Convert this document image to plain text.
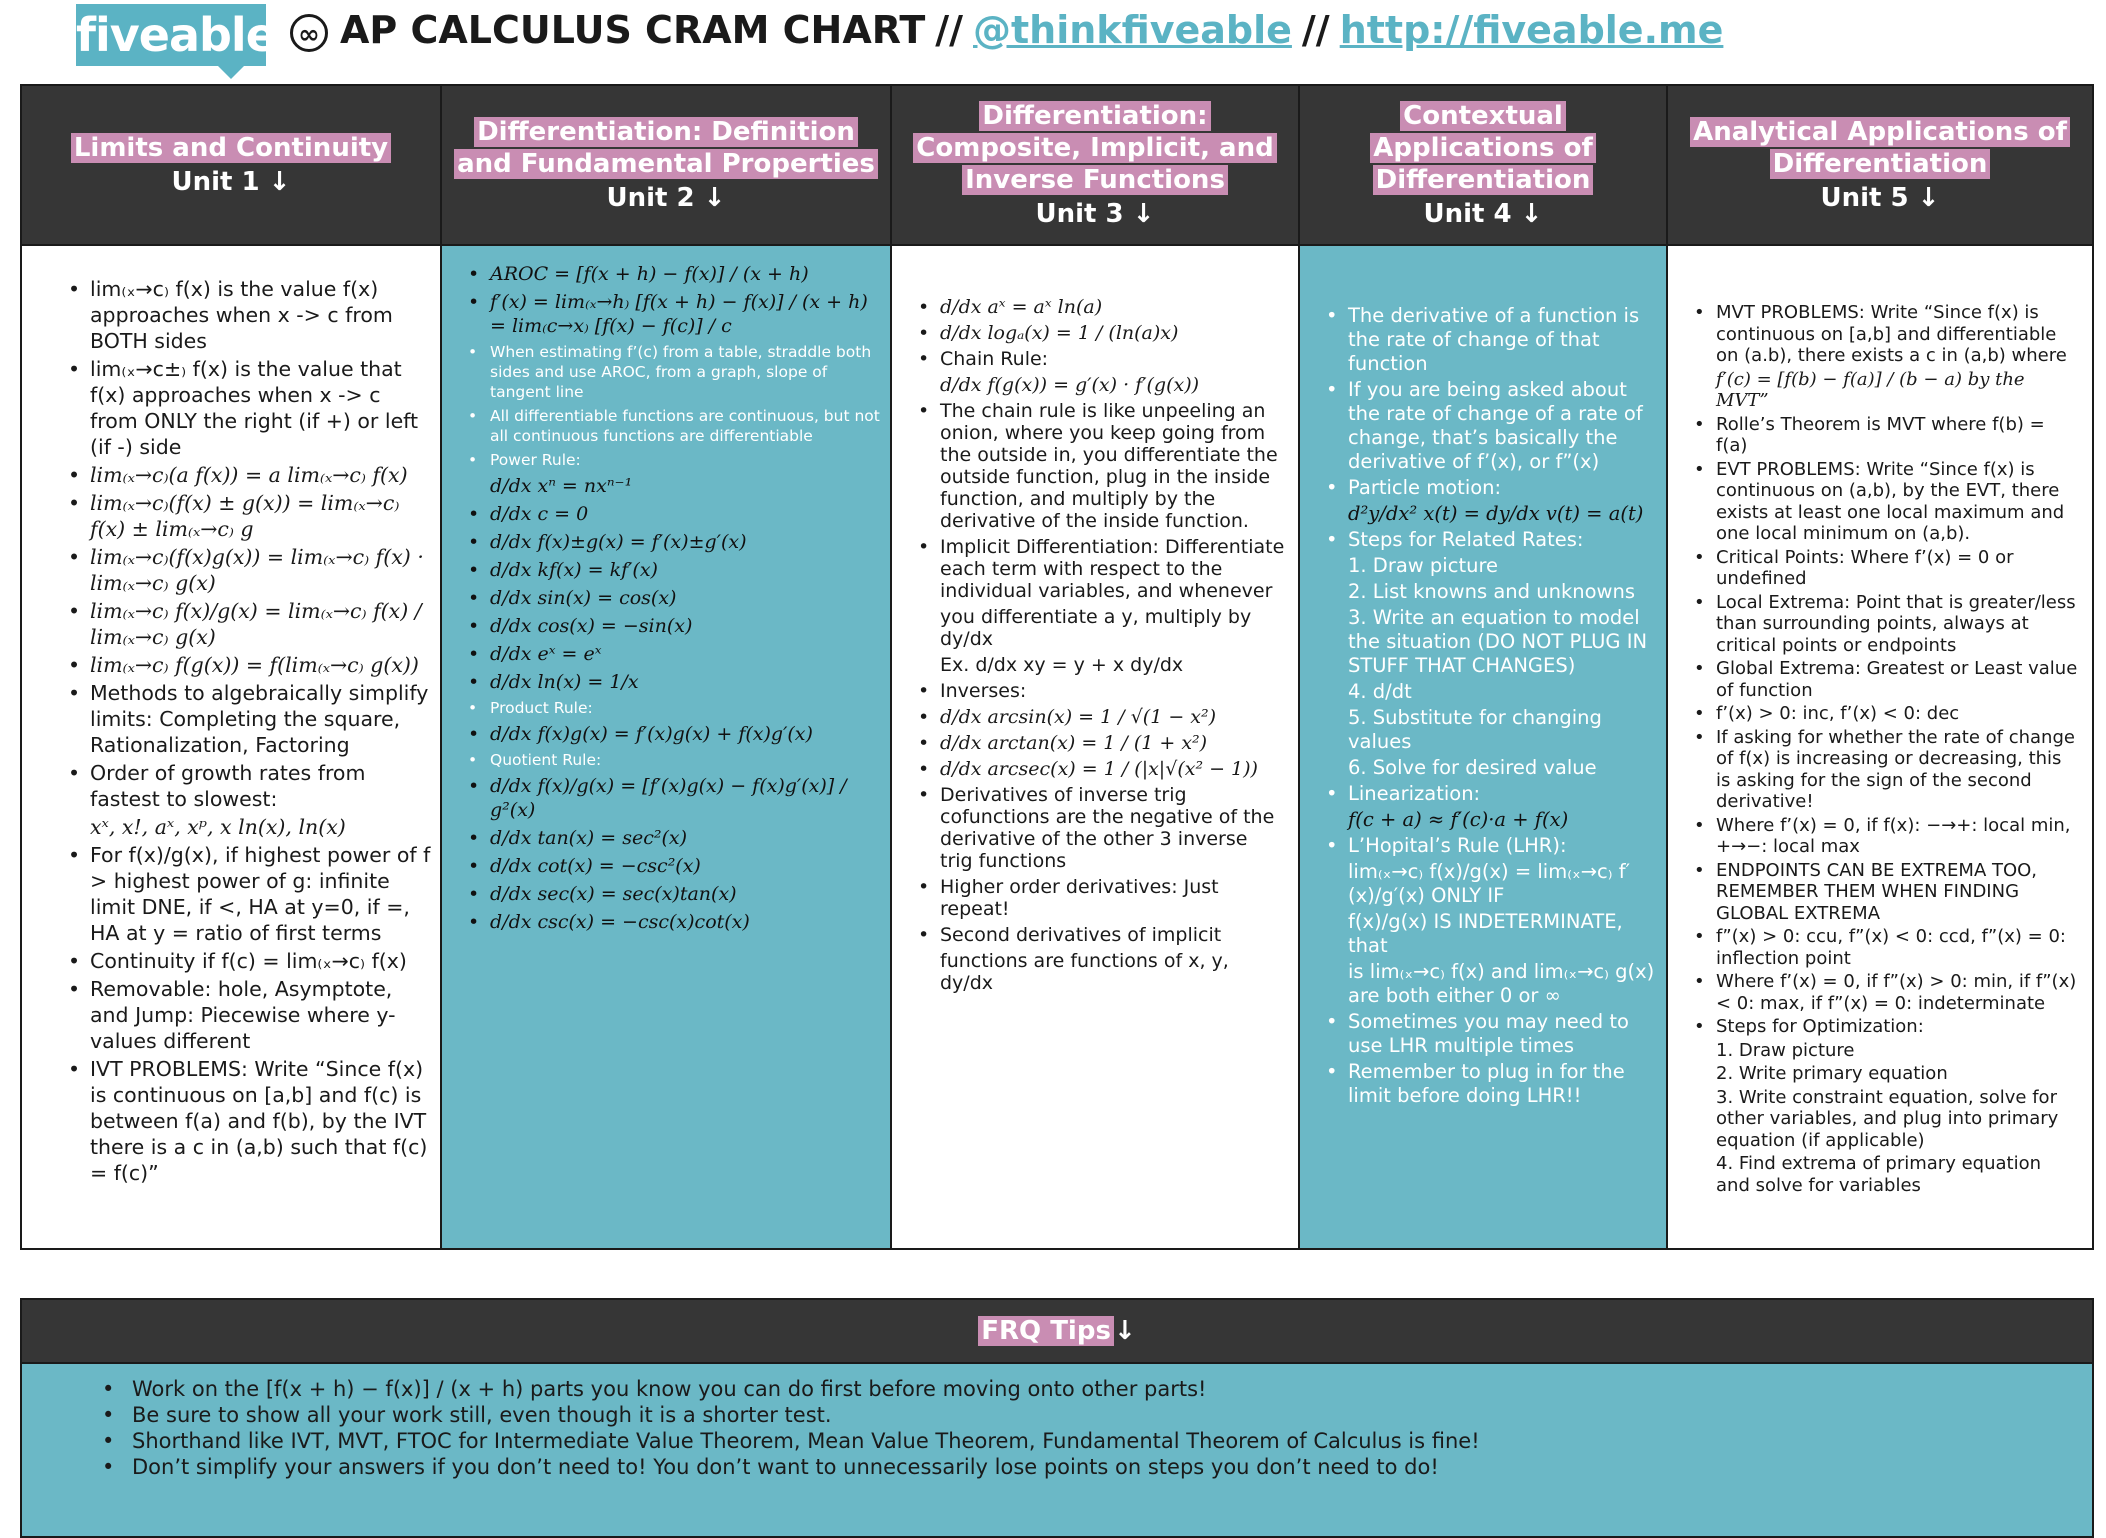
fiveable ∞ AP CALCULUS CRAM CHART // @thinkfiveable // http://fiveable.me
Limits and Continuity
Unit 1 ↓
• lim₍ₓ→c₎ f(x) is the value f(x) approaches when x -> c from BOTH sides
• lim₍ₓ→c±₎ f(x) is the value that f(x) approaches when x -> c from ONLY the right (if +) or left (if -) side
• lim₍ₓ→c₎(a f(x)) = a lim₍ₓ→c₎ f(x)
• lim₍ₓ→c₎(f(x) ± g(x)) = lim₍ₓ→c₎ f(x) ± lim₍ₓ→c₎ g
• lim₍ₓ→c₎(f(x)g(x)) = lim₍ₓ→c₎ f(x) · lim₍ₓ→c₎ g(x)
• lim₍ₓ→c₎ f(x)/g(x) = lim₍ₓ→c₎ f(x) / lim₍ₓ→c₎ g(x)
• lim₍ₓ→c₎ f(g(x)) = f(lim₍ₓ→c₎ g(x))
• Methods to algebraically simplify limits: Completing the square, Rationalization, Factoring
• Order of growth rates from fastest to slowest:
xˣ, x!, aˣ, xᵖ, x ln(x), ln(x)
• For f(x)/g(x), if highest power of f > highest power of g: infinite limit DNE, if <, HA at y=0, if =, HA at y = ratio of first terms
• Continuity if f(c) = lim₍ₓ→c₎ f(x)
• Removable: hole, Asymptote, and Jump: Piecewise where y-values different
• IVT PROBLEMS: Write “Since f(x) is continuous on [a,b] and f(c) is between f(a) and f(b), by the IVT there is a c in (a,b) such that f(c) = f(c)”
Differentiation: Definition and Fundamental Properties
Unit 2 ↓
• AROC = [f(x + h) − f(x)] / (x + h)
• f′(x) = lim₍ₓ→h₎ [f(x + h) − f(x)] / (x + h) = lim₍c→x₎ [f(x) − f(c)] / c
• When estimating f’(c) from a table, straddle both sides and use AROC, from a graph, slope of tangent line
• All differentiable functions are continuous, but not all continuous functions are differentiable
• Power Rule:
d/dx xⁿ = nxⁿ⁻¹
• d/dx c = 0
• d/dx f(x)±g(x) = f′(x)±g′(x)
• d/dx kf(x) = kf′(x)
• d/dx sin(x) = cos(x)
• d/dx cos(x) = −sin(x)
• d/dx eˣ = eˣ
• d/dx ln(x) = 1/x
• Product Rule:
• d/dx f(x)g(x) = f′(x)g(x) + f(x)g′(x)
• Quotient Rule:
• d/dx f(x)/g(x) = [f′(x)g(x) − f(x)g′(x)] / g²(x)
• d/dx tan(x) = sec²(x)
• d/dx cot(x) = −csc²(x)
• d/dx sec(x) = sec(x)tan(x)
• d/dx csc(x) = −csc(x)cot(x)
Differentiation: Composite, Implicit, and Inverse Functions
Unit 3 ↓
• d/dx aˣ = aˣ ln(a)
• d/dx logₐ(x) = 1 / (ln(a)x)
• Chain Rule:
d/dx f(g(x)) = g′(x) · f′(g(x))
• The chain rule is like unpeeling an onion, where you keep going from the outside in, you differentiate the outside function, plug in the inside function, and multiply by the derivative of the inside function.
• Implicit Differentiation: Differentiate each term with respect to the individual variables, and whenever
you differentiate a y, multiply by dy/dx
Ex. d/dx xy = y + x dy/dx
• Inverses:
• d/dx arcsin(x) = 1 / √(1 − x²)
• d/dx arctan(x) = 1 / (1 + x²)
• d/dx arcsec(x) = 1 / (|x|√(x² − 1))
• Derivatives of inverse trig cofunctions are the negative of the derivative of the other 3 inverse trig functions
• Higher order derivatives: Just repeat!
• Second derivatives of implicit
functions are functions of x, y, dy/dx
Contextual Applications of Differentiation
Unit 4 ↓
• The derivative of a function is the rate of change of that function
• If you are being asked about the rate of change of a rate of change, that’s basically the derivative of f’(x), or f”(x)
• Particle motion:
d²y/dx² x(t) = dy/dx v(t) = a(t)
• Steps for Related Rates:
1. Draw picture
2. List knowns and unknowns
3. Write an equation to model the situation (DO NOT PLUG IN STUFF THAT CHANGES)
4. d/dt
5. Substitute for changing values
6. Solve for desired value
• Linearization:
f(c + a) ≈ f′(c)·a + f(x)
• L’Hopital’s Rule (LHR):
lim₍ₓ→c₎ f(x)/g(x) = lim₍ₓ→c₎ f′(x)/g′(x) ONLY IF
f(x)/g(x) IS INDETERMINATE, that
is lim₍ₓ→c₎ f(x) and lim₍ₓ→c₎ g(x) are both either 0 or ∞
• Sometimes you may need to use LHR multiple times
• Remember to plug in for the limit before doing LHR!!
Analytical Applications of Differentiation
Unit 5 ↓
• MVT PROBLEMS: Write “Since f(x) is continuous on [a,b] and differentiable on (a.b), there exists a c in (a,b) where
f′(c) = [f(b) − f(a)] / (b − a) by the MVT”
• Rolle’s Theorem is MVT where f(b) = f(a)
• EVT PROBLEMS: Write “Since f(x) is continuous on (a,b), by the EVT, there exists at least one local maximum and one local minimum on (a,b).
• Critical Points: Where f’(x) = 0 or undefined
• Local Extrema: Point that is greater/less than surrounding points, always at critical points or endpoints
• Global Extrema: Greatest or Least value of function
• f’(x) > 0: inc, f’(x) < 0: dec
• If asking for whether the rate of change of f(x) is increasing or decreasing, this is asking for the sign of the second derivative!
• Where f’(x) = 0, if f(x): −→+: local min, +→−: local max
• ENDPOINTS CAN BE EXTREMA TOO, REMEMBER THEM WHEN FINDING GLOBAL EXTREMA
• f”(x) > 0: ccu, f”(x) < 0: ccd, f”(x) = 0: inflection point
• Where f’(x) = 0, if f”(x) > 0: min, if f”(x) < 0: max, if f”(x) = 0: indeterminate
• Steps for Optimization:
1. Draw picture
2. Write primary equation
3. Write constraint equation, solve for other variables, and plug into primary equation (if applicable)
4. Find extrema of primary equation and solve for variables
FRQ Tips ↓
• Work on the [f(x + h) − f(x)] / (x + h) parts you know you can do first before moving onto other parts!
• Be sure to show all your work still, even though it is a shorter test.
• Shorthand like IVT, MVT, FTOC for Intermediate Value Theorem, Mean Value Theorem, Fundamental Theorem of Calculus is fine!
• Don’t simplify your answers if you don’t need to! You don’t want to unnecessarily lose points on steps you don’t need to do!
